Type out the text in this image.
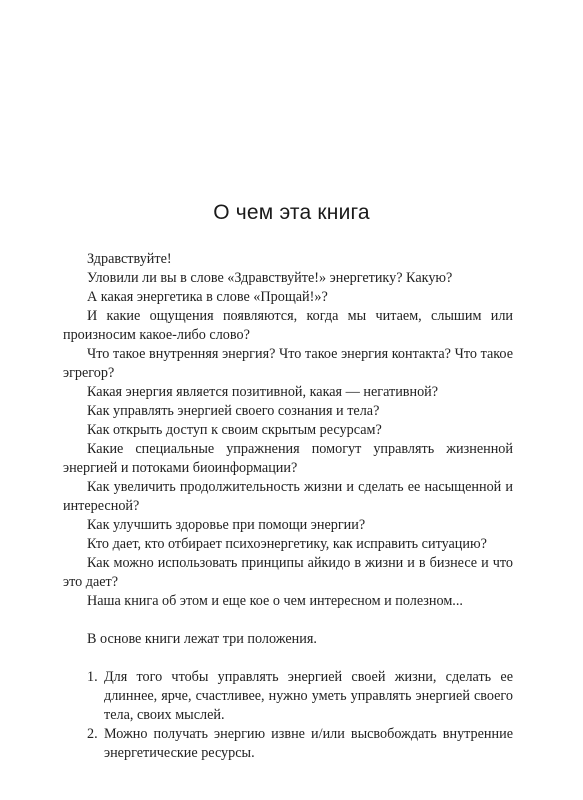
О чем эта книга

Здравствуйте!

Уловили ли вы в слове «Здравствуйте!» энергетику? Какую?

А какая энергетика в слове «Прощай!»?

И какие ощущения появляются, когда мы читаем, слышим или произносим какое-либо слово?

Что такое внутренняя энергия? Что такое энергия контакта? Что такое эгрегор?

Какая энергия является позитивной, какая — негативной?

Как управлять энергией своего сознания и тела?

Как открыть доступ к своим скрытым ресурсам?

Какие специальные упражнения помогут управлять жизненной энергией и потоками биоинформации?

Как увеличить продолжительность жизни и сделать ее насыщенной и интересной?

Как улучшить здоровье при помощи энергии?

Кто дает, кто отбирает психоэнергетику, как исправить ситуацию?

Как можно использовать принципы айкидо в жизни и в бизнесе и что это дает?

Наша книга об этом и еще кое о чем интересном и полезном...

В основе книги лежат три положения.

1. Для того чтобы управлять энергией своей жизни, сделать ее длиннее, ярче, счастливее, нужно уметь управлять энергией своего тела, своих мыслей.
2. Можно получать энергию извне и/или высвобождать внутренние энергетические ресурсы.
